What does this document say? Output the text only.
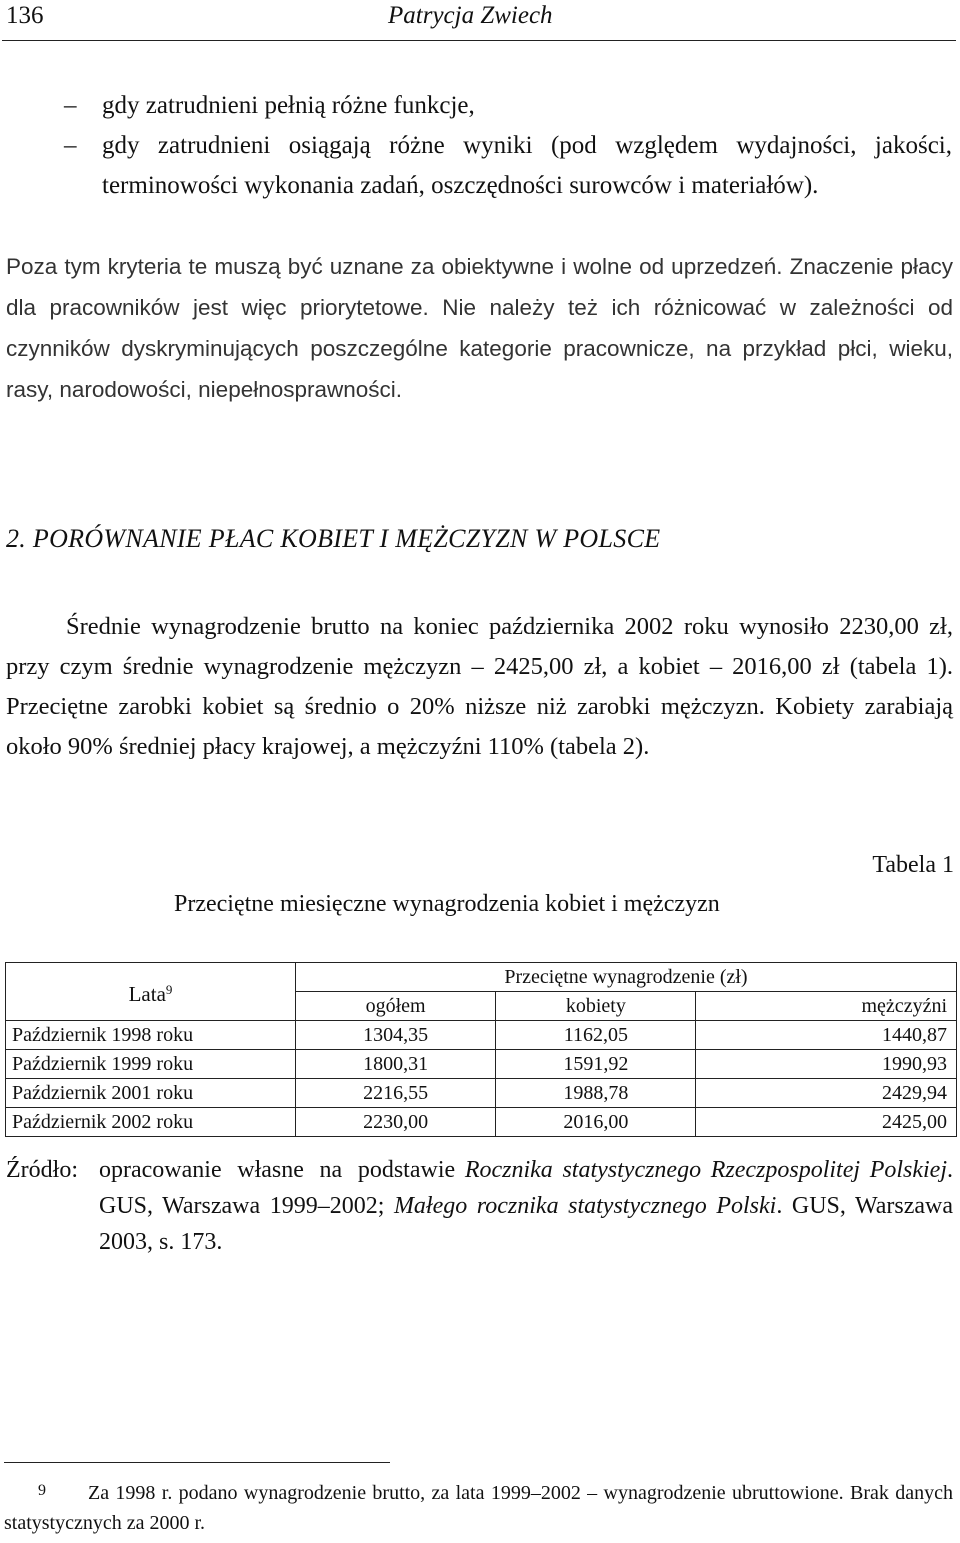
136	Patrycja Zwiech
– gdy zatrudnieni pełnią różne funkcje,
– gdy zatrudnieni osiągają różne wyniki (pod względem wydajności, jakości, terminowości wykonania zadań, oszczędności surowców i materiałów).

Poza tym kryteria te muszą być uznane za obiektywne i wolne od uprzedzeń. Znaczenie płacy dla pracowników jest więc priorytetowe. Nie należy też ich różnicować w zależności od czynników dyskryminujących poszczególne kategorie pracownicze, na przykład płci, wieku, rasy, narodowości, niepełnosprawności.

2. PORÓWNANIE PŁAC KOBIET I MĘŻCZYZN W POLSCE

Średnie wynagrodzenie brutto na koniec października 2002 roku wynosiło 2230,00 zł, przy czym średnie wynagrodzenie mężczyzn – 2425,00 zł, a kobiet – 2016,00 zł (tabela 1). Przeciętne zarobki kobiet są średnio o 20% niższe niż zarobki mężczyzn. Kobiety zarabiają około 90% średniej płacy krajowej, a mężczyźni 110% (tabela 2).

Tabela 1
Przeciętne miesięczne wynagrodzenia kobiet i mężczyzn
Lata$^9$	Przeciętne wynagrodzenie (zł)		
	ogółem	kobiety	mężczyźni
Październik 1998 roku	1304,35	1162,05	1440,87
Październik 1999 roku	1800,31	1591,92	1990,93
Październik 2001 roku	2216,55	1988,78	2429,94
Październik 2002 roku	2230,00	2016,00	2425,00
Źródło: opracowanie własne na podstawie Rocznika statystycznego Rzeczpospolitej Polskiej. GUS, Warszawa 1999–2002; Małego rocznika statystycznego Polski. GUS, Warszawa 2003, s. 173.
9	Za 1998 r. podano wynagrodzenie brutto, za lata 1999–2002 – wynagrodzenie ubruttowione. Brak danych statystycznych za 2000 r.
